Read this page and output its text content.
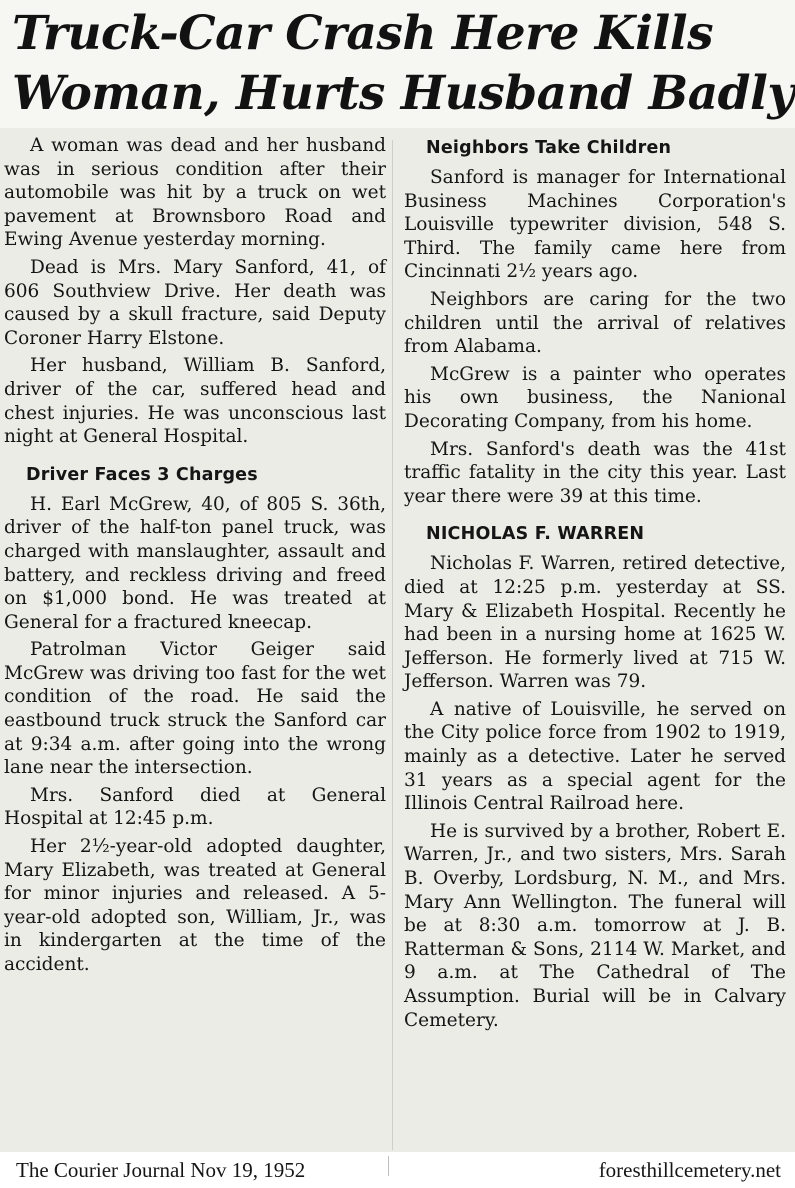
Truck-Car Crash Here Kills
Woman, Hurts Husband Badly

A woman was dead and her husband was in serious condition after their automobile was hit by a truck on wet pavement at Brownsboro Road and Ewing Avenue yesterday morning.

Dead is Mrs. Mary Sanford, 41, of 606 Southview Drive. Her death was caused by a skull fracture, said Deputy Coroner Harry Elstone.

Her husband, William B. Sanford, driver of the car, suffered head and chest injuries. He was unconscious last night at General Hospital.

Driver Faces 3 Charges

H. Earl McGrew, 40, of 805 S. 36th, driver of the half-ton panel truck, was charged with manslaughter, assault and battery, and reckless driving and freed on $1,000 bond. He was treated at General for a fractured kneecap.

Patrolman Victor Geiger said McGrew was driving too fast for the wet condition of the road. He said the eastbound truck struck the Sanford car at 9:34 a.m. after going into the wrong lane near the intersection.

Mrs. Sanford died at General Hospital at 12:45 p.m.

Her 2½-year-old adopted daughter, Mary Elizabeth, was treated at General for minor injuries and released. A 5-year-old adopted son, William, Jr., was in kindergarten at the time of the accident.

Neighbors Take Children

Sanford is manager for International Business Machines Corporation's Louisville typewriter division, 548 S. Third. The family came here from Cincinnati 2½ years ago.

Neighbors are caring for the two children until the arrival of relatives from Alabama.

McGrew is a painter who operates his own business, the Nanional Decorating Company, from his home.

Mrs. Sanford's death was the 41st traffic fatality in the city this year. Last year there were 39 at this time.

NICHOLAS F. WARREN

Nicholas F. Warren, retired detective, died at 12:25 p.m. yesterday at SS. Mary & Elizabeth Hospital. Recently he had been in a nursing home at 1625 W. Jefferson. He formerly lived at 715 W. Jefferson. Warren was 79.

A native of Louisville, he served on the City police force from 1902 to 1919, mainly as a detective. Later he served 31 years as a special agent for the Illinois Central Railroad here.

He is survived by a brother, Robert E. Warren, Jr., and two sisters, Mrs. Sarah B. Overby, Lordsburg, N. M., and Mrs. Mary Ann Wellington. The funeral will be at 8:30 a.m. tomorrow at J. B. Ratterman & Sons, 2114 W. Market, and 9 a.m. at The Cathedral of The Assumption. Burial will be in Calvary Cemetery.

The Courier Journal Nov 19, 1952	foresthillcemetery.net
